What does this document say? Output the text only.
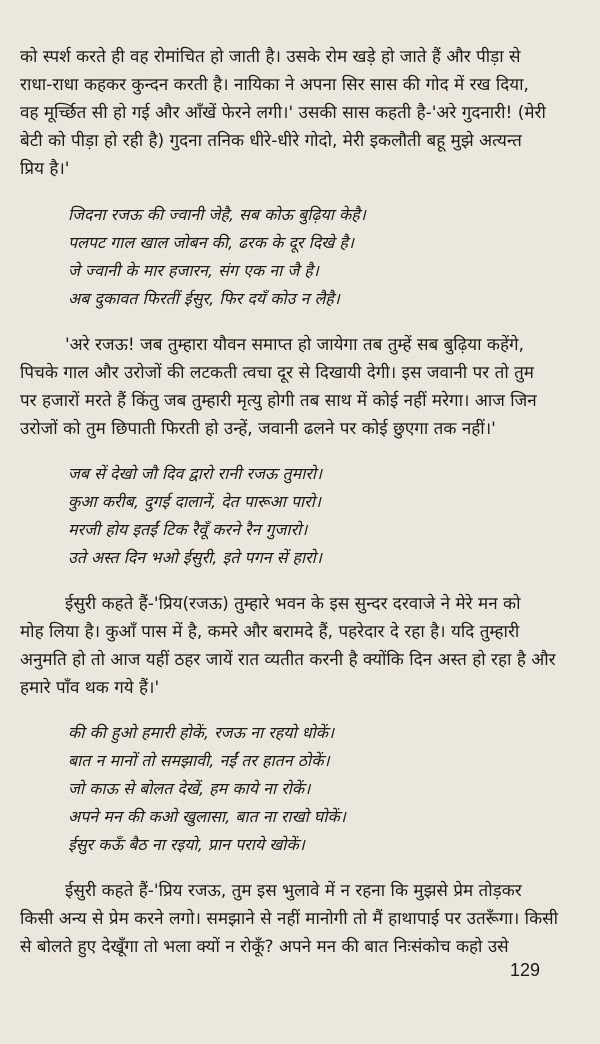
को स्पर्श करते ही वह रोमांचित हो जाती है। उसके रोम खड़े हो जाते हैं और पीड़ा से
राधा-राधा कहकर कुन्दन करती है। नायिका ने अपना सिर सास की गोद में रख दिया,
वह मूर्च्छित सी हो गई और आँखें फेरने लगी।' उसकी सास कहती है-'अरे गुदनारी! (मेरी
बेटी को पीड़ा हो रही है) गुदना तनिक धीरे-धीरे गोदो, मेरी इकलौती बहू मुझे अत्यन्त
प्रिय है।'
जिदना रजऊ की ज्वानी जेहै, सब कोऊ बुढ़िया केहै।
पलपट गाल खाल जोबन की, ढरक के दूर दिखे है।
जे ज्वानी के मार हजारन, संग एक ना जै है।
अब दुकावत फिरतीं ईसुर, फिर दयँ कोउ न लैहै।
'अरे रजऊ! जब तुम्हारा यौवन समाप्त हो जायेगा तब तुम्हें सब बुढ़िया कहेंगे,
पिचके गाल और उरोजों की लटकती त्वचा दूर से दिखायी देगी। इस जवानी पर तो तुम
पर हजारों मरते हैं किंतु जब तुम्हारी मृत्यु होगी तब साथ में कोई नहीं मरेगा। आज जिन
उरोजों को तुम छिपाती फिरती हो उन्हें, जवानी ढलने पर कोई छुएगा तक नहीं।'
जब सें देखो जौ दिव द्वारो रानी रजऊ तुमारो।
कुआ करीब, दुगई दालानें, देत पारूआ पारो।
मरजी होय इतईं टिक रैवूँ करने रैन गुजारो।
उते अस्त दिन भओ ईसुरी, इते पगन सें हारो।
ईसुरी कहते हैं-'प्रिय(रजऊ) तुम्हारे भवन के इस सुन्दर दरवाजे ने मेरे मन को
मोह लिया है। कुआँ पास में है, कमरे और बरामदे हैं, पहरेदार दे रहा है। यदि तुम्हारी
अनुमति हो तो आज यहीं ठहर जायें रात व्यतीत करनी है क्योंकि दिन अस्त हो रहा है और
हमारे पाँव थक गये हैं।'
की की हुओ हमारी होकें, रजऊ ना रहयो धोकें।
बात न मानों तो समझावी, नईं तर हातन ठोकें।
जो काऊ से बोलत देखें, हम काये ना रोकें।
अपने मन की कओ खुलासा, बात ना राखो घोकें।
ईसुर कऊँ बैठ ना रइयो, प्रान पराये खोकें।
ईसुरी कहते हैं-'प्रिय रजऊ, तुम इस भुलावे में न रहना कि मुझसे प्रेम तोड़कर
किसी अन्य से प्रेम करने लगो। समझाने से नहीं मानोगी तो मैं हाथापाई पर उतरूँगा। किसी
से बोलते हुए देखूँगा तो भला क्यों न रोकूँ? अपने मन की बात निःसंकोच कहो उसे
129
